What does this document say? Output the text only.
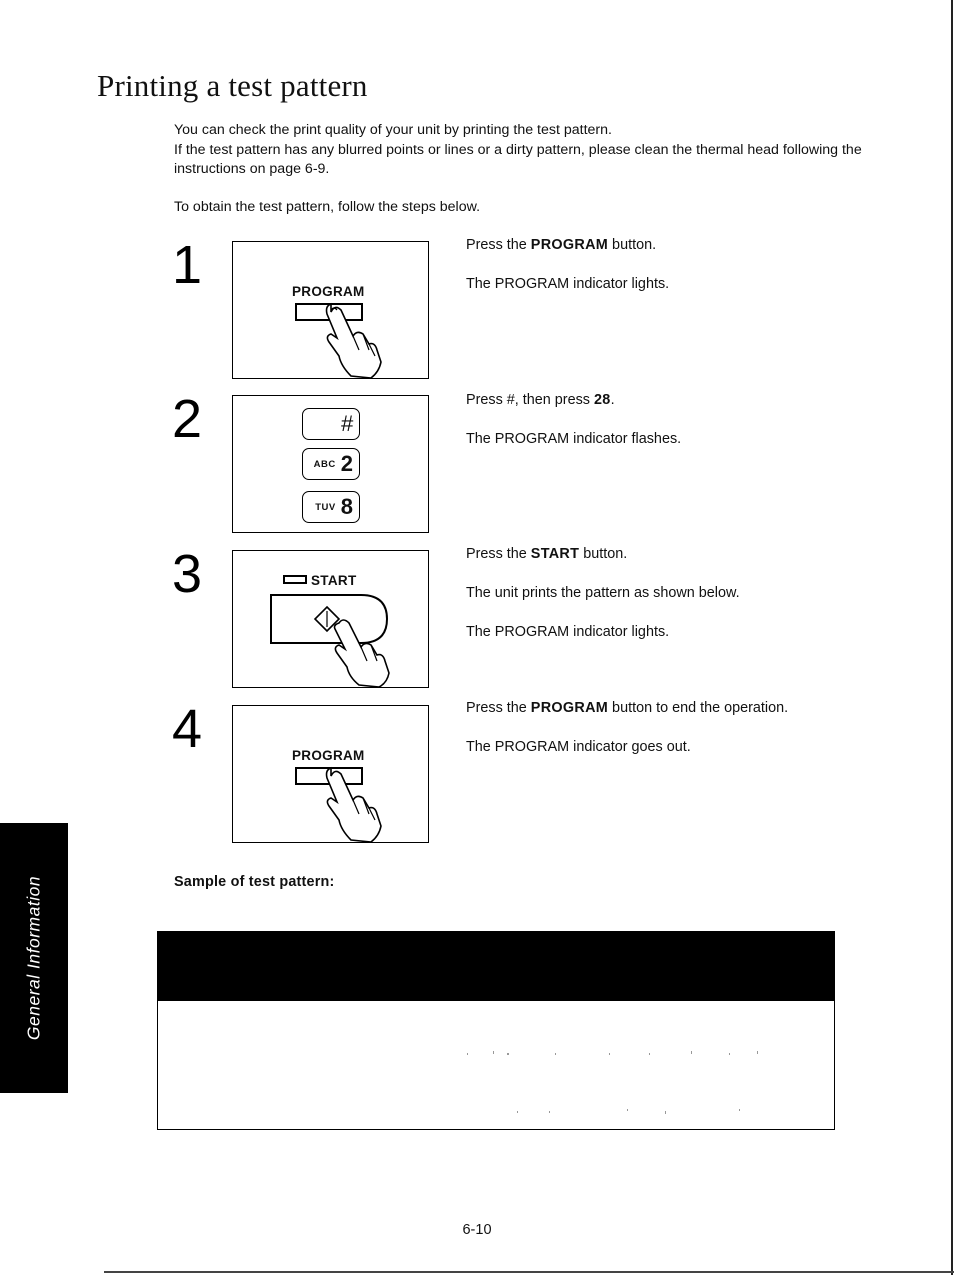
Printing a test pattern

You can check the print quality of your unit by printing the test pattern.

If the test pattern has any blurred points or lines or a dirty pattern, please clean the thermal head following the instructions on page 6-9.

To obtain the test pattern, follow the steps below.
1	PROGRAM

Press the PROGRAM button.

The PROGRAM indicator lights.

2	#
ABC 2
TUV 8

Press #, then press 28.

The PROGRAM indicator flashes.

3	START

Press the START button.

The unit prints the pattern as shown below.

The PROGRAM indicator lights.

4	PROGRAM

Press the PROGRAM button to end the operation.

The PROGRAM indicator goes out.

Sample of test pattern:
General Information
6-10
